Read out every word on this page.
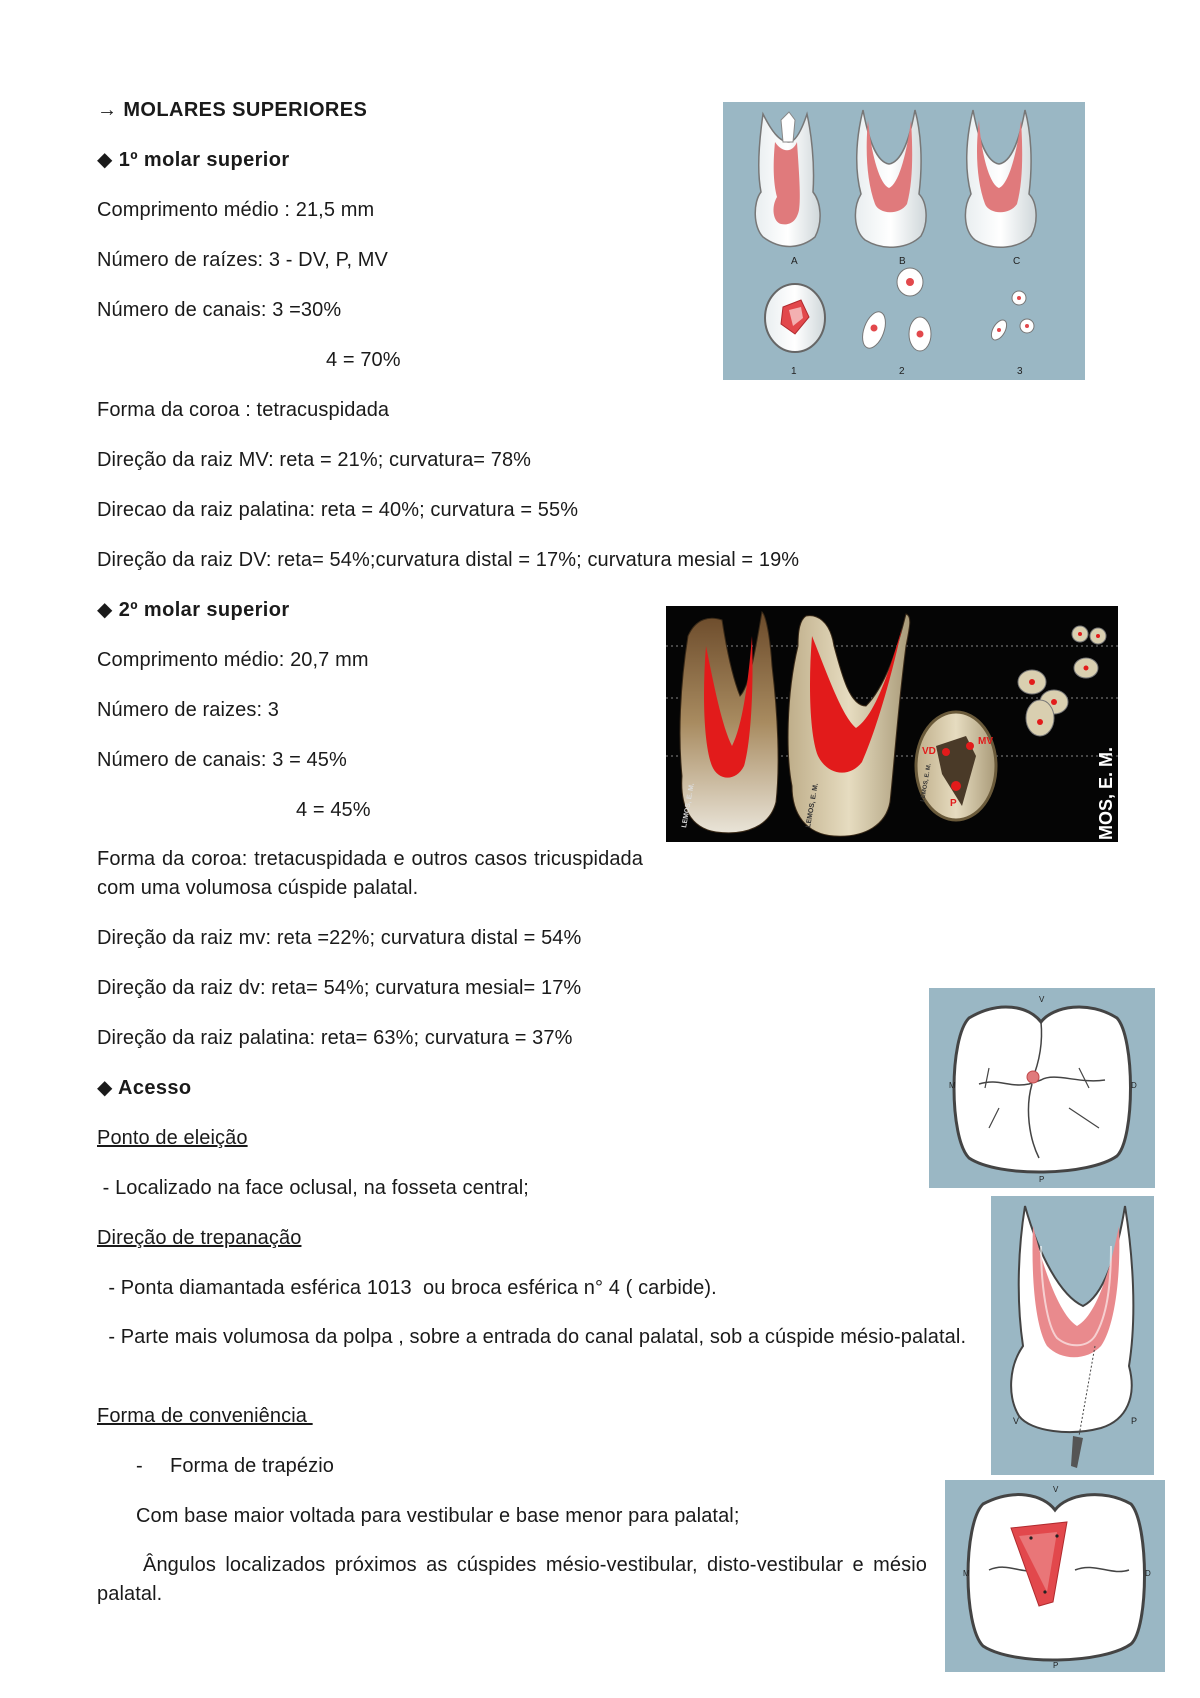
→ MOLARES SUPERIORES
◆ 1º molar superior
Comprimento médio : 21,5 mm
Número de raízes: 3 - DV, P, MV
Número de canais: 3 =30%
4 = 70%
Forma da coroa : tetracuspidada
Direção da raiz MV: reta = 21%; curvatura= 78%
Direcao da raiz palatina: reta = 40%; curvatura = 55%
Direção da raiz DV: reta= 54%;curvatura distal = 17%; curvatura mesial = 19%
◆ 2º molar superior
Comprimento médio: 20,7 mm
Número de raizes: 3
Número de canais: 3 = 45%
4 = 45%
Forma da coroa: tretacuspidada e outros casos tricuspidada com uma volumosa cúspide palatal.
Direção da raiz mv: reta =22%; curvatura distal = 54%
Direção da raiz dv: reta= 54%; curvatura mesial= 17%
Direção da raiz palatina: reta= 63%; curvatura = 37%
◆ Acesso
Ponto de eleição
- Localizado na face oclusal, na fosseta central;
Direção de trepanação
- Ponta diamantada esférica 1013  ou broca esférica n° 4 ( carbide).
- Parte mais volumosa da polpa , sobre a entrada do canal palatal, sob a cúspide mésio-palatal.
Forma de conveniência
- Forma de trapézio
Com base maior voltada para vestibular e base menor para palatal;
Ângulos localizados próximos as cúspides mésio-vestibular, disto-vestibular e mésio palatal.
A	B	C
1	2	3
LEMOS, E. M.	LEMOS, E. M.
VD
MV
P
LEMOS, E. M.	MOS, E. M.
V
M	D
P
V	P
V
M	D
P
